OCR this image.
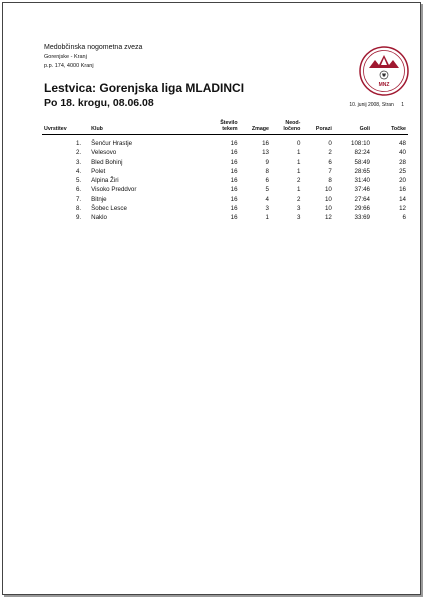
Medobčinska nogometna zveza
Gorenjske - Kranj
p.p. 174, 4000 Kranj
MNZ
Lestvica: Gorenjska liga MLADINCI
Po 18. krogu, 08.06.08	10. junij 2008, Stran 1
Uvrstitev	Klub	Število tekem	Zmage	Neod-ločeno	Porazi	Goli	Točke
1.	Šenčur Hrastje	16	16	0	0	108:10	48
2.	Velesovo	16	13	1	2	82:24	40
3.	Bled Bohinj	16	9	1	6	58:49	28
4.	Polet	16	8	1	7	28:65	25
5.	Alpina Žiri	16	6	2	8	31:40	20
6.	Visoko Preddvor	16	5	1	10	37:46	16
7.	Bitnje	16	4	2	10	27:64	14
8.	Šobec Lesce	16	3	3	10	29:66	12
9.	Naklo	16	1	3	12	33:69	6
